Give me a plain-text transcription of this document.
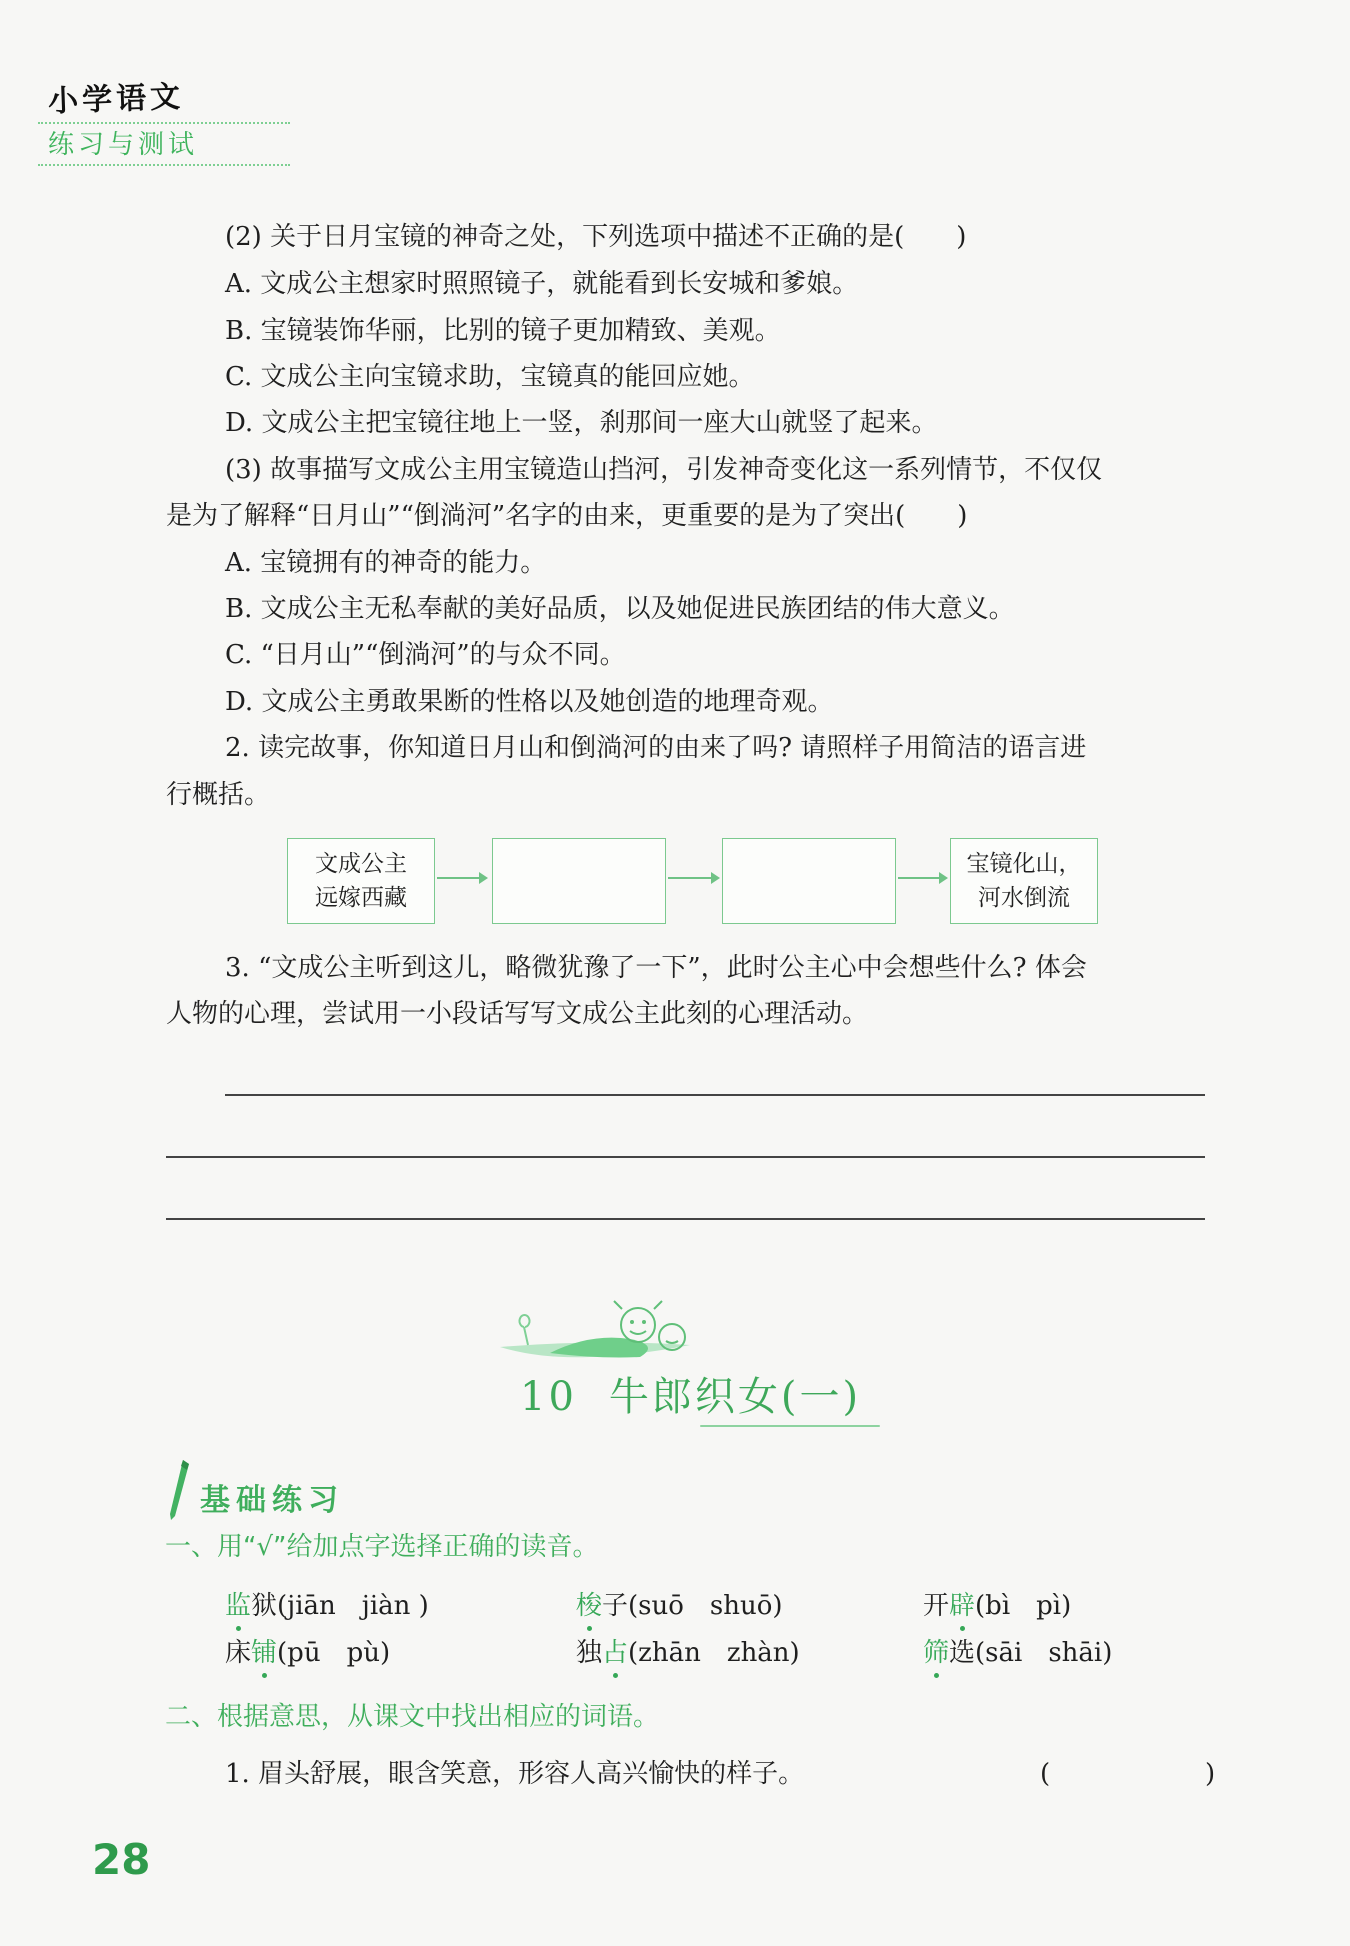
小学语文
练习与测试
(2) 关于日月宝镜的神奇之处，下列选项中描述不正确的是(　　)
A. 文成公主想家时照照镜子，就能看到长安城和爹娘。
B. 宝镜装饰华丽，比别的镜子更加精致、美观。
C. 文成公主向宝镜求助，宝镜真的能回应她。
D. 文成公主把宝镜往地上一竖，刹那间一座大山就竖了起来。
(3) 故事描写文成公主用宝镜造山挡河，引发神奇变化这一系列情节，不仅仅
是为了解释“日月山”“倒淌河”名字的由来，更重要的是为了突出(　　)
A. 宝镜拥有的神奇的能力。
B. 文成公主无私奉献的美好品质，以及她促进民族团结的伟大意义。
C. “日月山”“倒淌河”的与众不同。
D. 文成公主勇敢果断的性格以及她创造的地理奇观。
2. 读完故事，你知道日月山和倒淌河的由来了吗? 请照样子用简洁的语言进
行概括。
文成公主
远嫁西藏
宝镜化山，
河水倒流
3. “文成公主听到这儿，略微犹豫了一下”，此时公主心中会想些什么? 体会
人物的心理，尝试用一小段话写写文成公主此刻的心理活动。
10 牛郎织女(一)
基础练习
一、用“√”给加点字选择正确的读音。
监狱(jiān　jiàn )	梭子(suō　shuō)	开辟(bì　pì)
床铺(pū　pù)	独占(zhān　zhàn)	筛选(sāi　shāi)
二、根据意思，从课文中找出相应的词语。
1. 眉头舒展，眼含笑意，形容人高兴愉快的样子。	(	)
28
